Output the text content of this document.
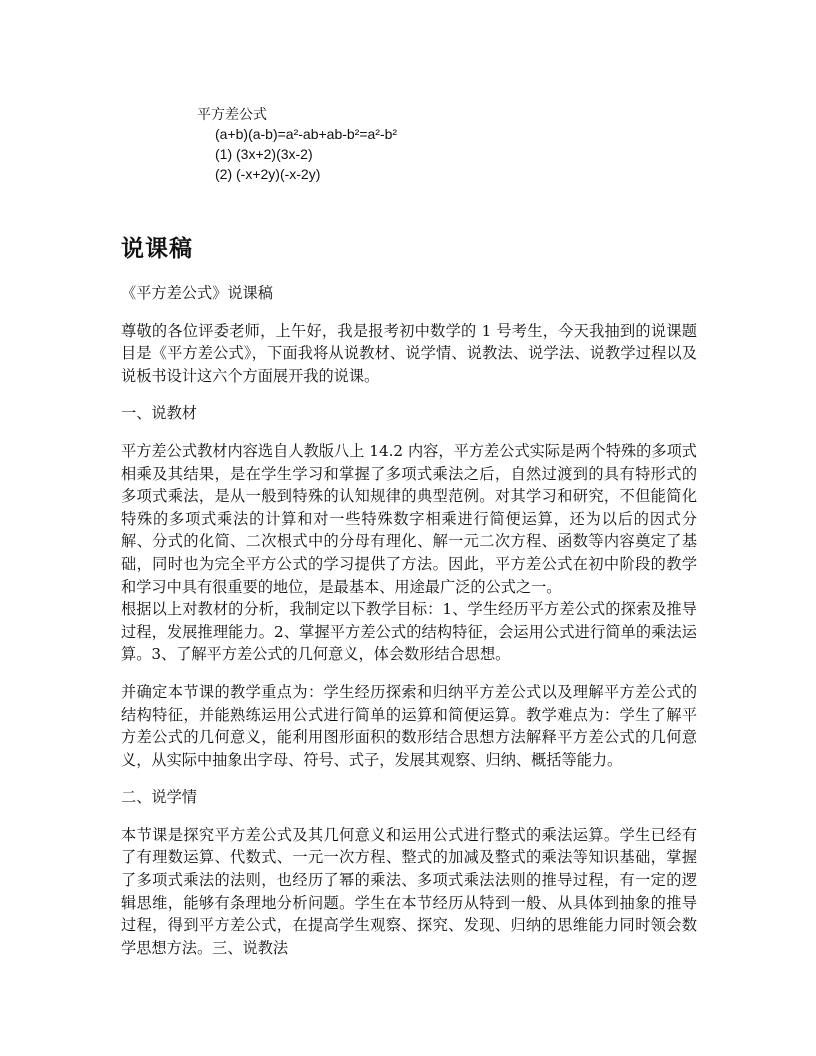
平方差公式
(a+b)(a-b)=a²-ab+ab-b²=a²-b²
(1) (3x+2)(3x-2)
(2) (-x+2y)(-x-2y)
说课稿

《平方差公式》说课稿

尊敬的各位评委老师，上午好，我是报考初中数学的 1 号考生，今天我抽到的说课题目是《平方差公式》，下面我将从说教材、说学情、说教法、说学法、说教学过程以及说板书设计这六个方面展开我的说课。

一、说教材

平方差公式教材内容选自人教版八上 14.2 内容，平方差公式实际是两个特殊的多项式相乘及其结果，是在学生学习和掌握了多项式乘法之后，自然过渡到的具有特形式的多项式乘法，是从一般到特殊的认知规律的典型范例。对其学习和研究，不但能简化特殊的多项式乘法的计算和对一些特殊数字相乘进行简便运算，还为以后的因式分解、分式的化简、二次根式中的分母有理化、解一元二次方程、函数等内容奠定了基础，同时也为完全平方公式的学习提供了方法。因此，平方差公式在初中阶段的教学和学习中具有很重要的地位，是最基本、用途最广泛的公式之一。

根据以上对教材的分析，我制定以下教学目标：1、学生经历平方差公式的探索及推导过程，发展推理能力。2、掌握平方差公式的结构特征，会运用公式进行简单的乘法运算。3、了解平方差公式的几何意义，体会数形结合思想。

并确定本节课的教学重点为：学生经历探索和归纳平方差公式以及理解平方差公式的结构特征，并能熟练运用公式进行简单的运算和简便运算。教学难点为：学生了解平方差公式的几何意义，能利用图形面积的数形结合思想方法解释平方差公式的几何意义，从实际中抽象出字母、符号、式子，发展其观察、归纳、概括等能力。

二、说学情

本节课是探究平方差公式及其几何意义和运用公式进行整式的乘法运算。学生已经有了有理数运算、代数式、一元一次方程、整式的加减及整式的乘法等知识基础，掌握了多项式乘法的法则，也经历了幂的乘法、多项式乘法法则的推导过程，有一定的逻辑思维，能够有条理地分析问题。学生在本节经历从特到一般、从具体到抽象的推导过程，得到平方差公式，在提高学生观察、探究、发现、归纳的思维能力同时领会数学思想方法。三、说教法
